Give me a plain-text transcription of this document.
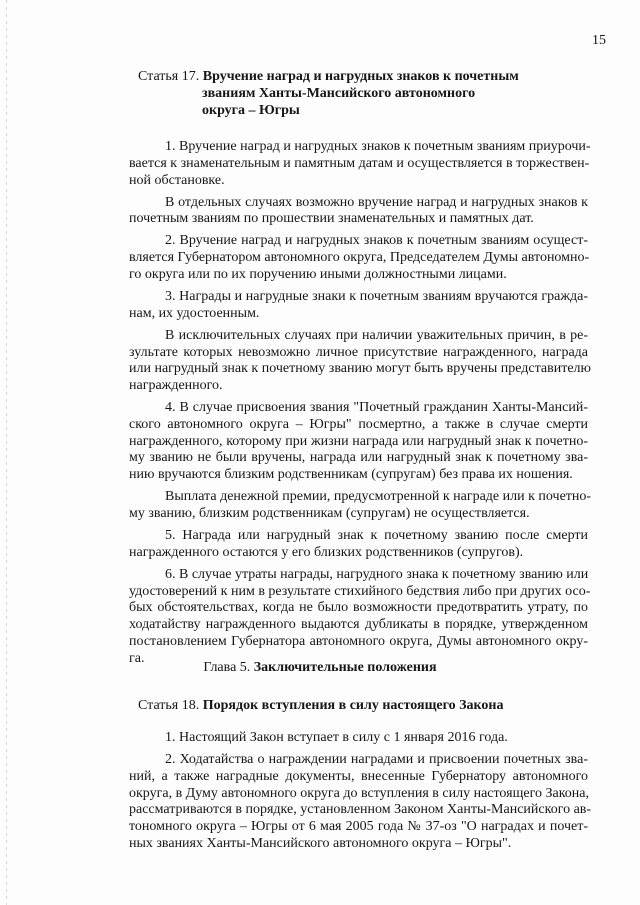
15
Статья 17. Вручение наград и нагрудных знаков к почетным
званиям Ханты-Мансийского автономного
округа – Югры
1. Вручение наград и нагрудных знаков к почетным званиям приурочи-
вается к знаменательным и памятным датам и осуществляется в торжествен-
ной обстановке.
В отдельных случаях возможно вручение наград и нагрудных знаков к
почетным званиям по прошествии знаменательных и памятных дат.
2. Вручение наград и нагрудных знаков к почетным званиям осущест-
вляется Губернатором автономного округа, Председателем Думы автономно-
го округа или по их поручению иными должностными лицами.
3. Награды и нагрудные знаки к почетным званиям вручаются гражда-
нам, их удостоенным.
В исключительных случаях при наличии уважительных причин, в ре-
зультате которых невозможно личное присутствие награжденного, награда
или нагрудный знак к почетному званию могут быть вручены представителю
награжденного.
4. В случае присвоения звания "Почетный гражданин Ханты-Мансий-
ского автономного округа – Югры" посмертно, а также в случае смерти
награжденного, которому при жизни награда или нагрудный знак к почетно-
му званию не были вручены, награда или нагрудный знак к почетному зва-
нию вручаются близким родственникам (супругам) без права их ношения.
Выплата денежной премии, предусмотренной к награде или к почетно-
му званию, близким родственникам (супругам) не осуществляется.
5. Награда или нагрудный знак к почетному званию после смерти
награжденного остаются у его близких родственников (супругов).
6. В случае утраты награды, нагрудного знака к почетному званию или
удостоверений к ним в результате стихийного бедствия либо при других осо-
бых обстоятельствах, когда не было возможности предотвратить утрату, по
ходатайству награжденного выдаются дубликаты в порядке, утвержденном
постановлением Губернатора автономного округа, Думы автономного окру-
га.
Глава 5. Заключительные положения
Статья 18. Порядок вступления в силу настоящего Закона
1. Настоящий Закон вступает в силу с 1 января 2016 года.
2. Ходатайства о награждении наградами и присвоении почетных зва-
ний, а также наградные документы, внесенные Губернатору автономного
округа, в Думу автономного округа до вступления в силу настоящего Закона,
рассматриваются в порядке, установленном Законом Ханты-Мансийского ав-
тономного округа – Югры от 6 мая 2005 года № 37-оз "О наградах и почет-
ных званиях Ханты-Мансийского автономного округа – Югры".
